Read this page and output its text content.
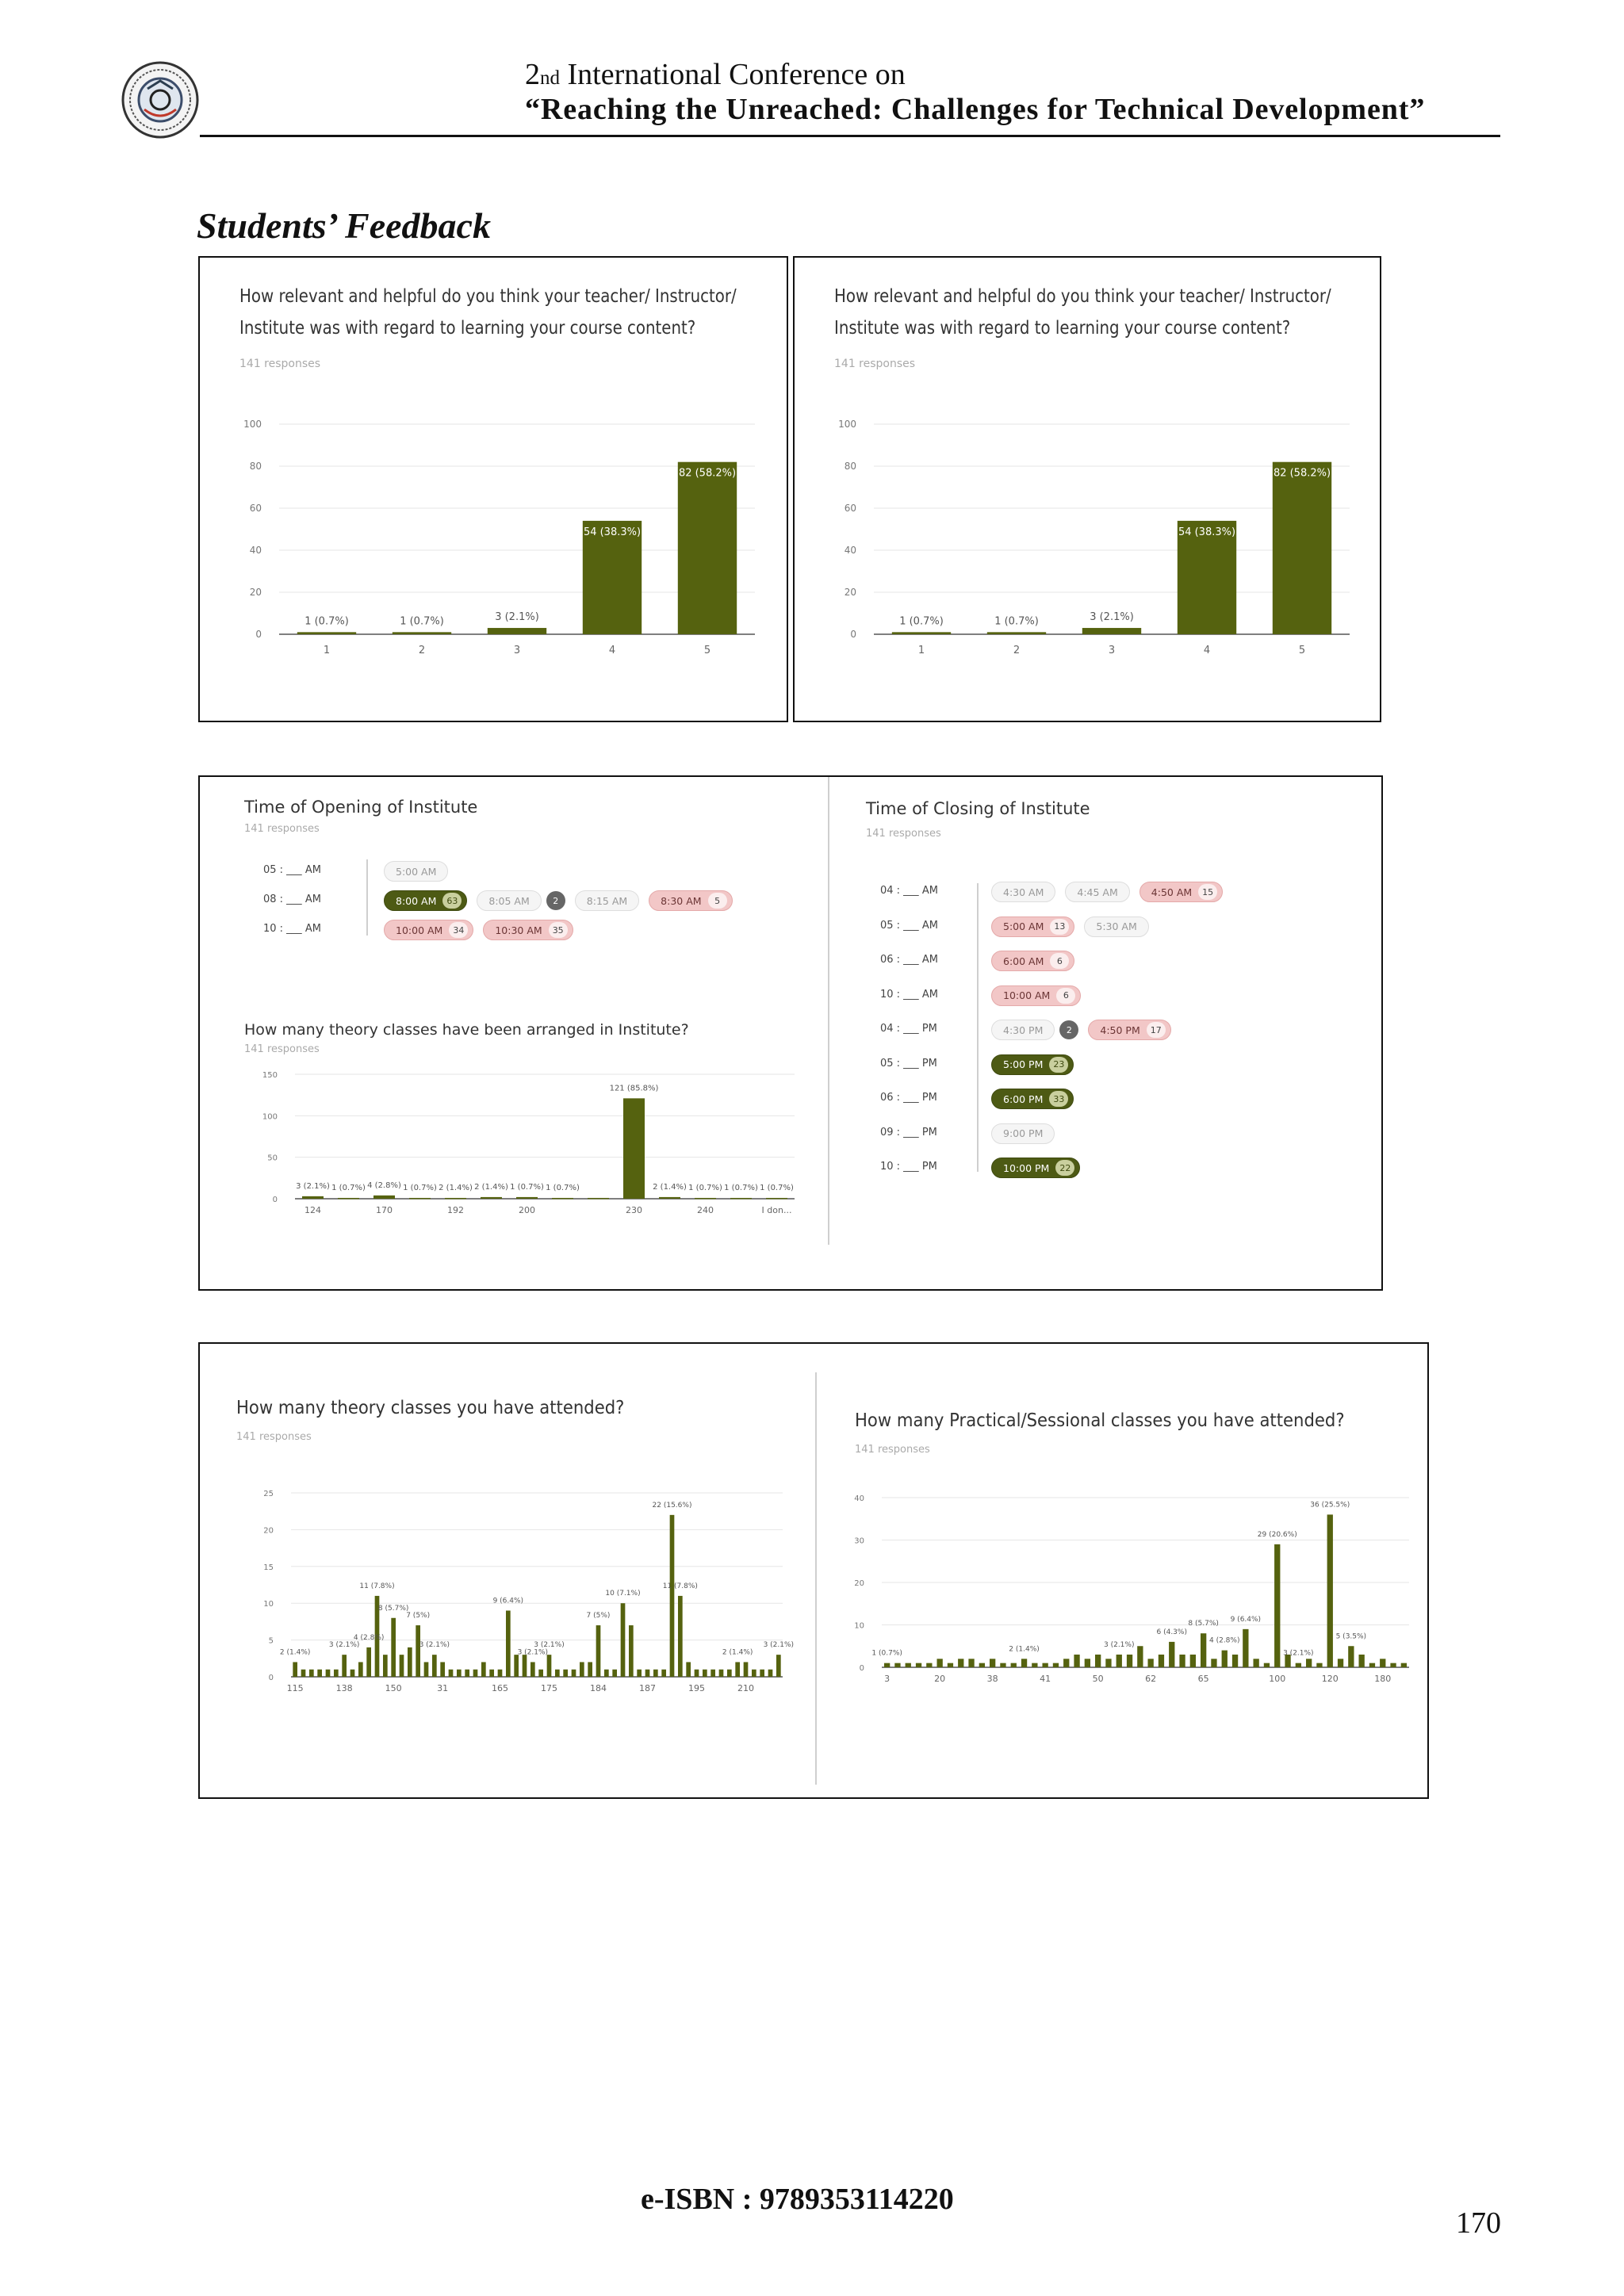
2nd International Conference on
“Reaching the Unreached: Challenges for Technical Development”
Students’ Feedback
How relevant and helpful do you think your teacher/ Instructor/
Institute was with regard to learning your course content?
141 responses
0
20
40
60
80
100
1	2	3	4	5
1 (0.7%)	1 (0.7%)	3 (2.1%)
54 (38.3%)
82 (58.2%)
How relevant and helpful do you think your teacher/ Instructor/
Institute was with regard to learning your course content?
141 responses
0
20
40
60
80
100
1	2	3	4	5
1 (0.7%)	1 (0.7%)	3 (2.1%)
54 (38.3%)
82 (58.2%)
Time of Opening of Institute
141 responses
05 : ___ AM	5:00 AM
08 : ___ AM	8:00 AM	63	8:05 AM	2	8:15 AM	8:30 AM	5
10 : ___ AM	10:00 AM	34	10:30 AM	35
How many theory classes have been arranged in Institute?
141 responses
0
50
100
150
124	170	192	200	230	240	I don...
3 (2.1%) 1 (0.7%) 4 (2.8%) 1 (0.7%) 2 (1.4%) 2 (1.4%) 1 (0.7%) 1 (0.7%)
121 (85.8%)
2 (1.4%) 1 (0.7%) 1 (0.7%) 1 (0.7%)
Time of Closing of Institute
141 responses
04 : ___ AM	4:30 AM	4:45 AM	4:50 AM	15
05 : ___ AM	5:00 AM	13	5:30 AM
06 : ___ AM	6:00 AM	6
10 : ___ AM	10:00 AM	6
04 : ___ PM	4:30 PM	2	4:50 PM	17
05 : ___ PM	5:00 PM	23
06 : ___ PM	6:00 PM	33
09 : ___ PM	9:00 PM
10 : ___ PM	10:00 PM	22
How many theory classes you have attended?
141 responses
0
5
10
15
20
25
115	138	150	31	165	175	184	187	195	210
2 (1.4%)
3 (2.1%)
11 (7.8%)
8 (5.7%)
7 (5%)
4 (2.8%)
3 (2.1%)
9 (6.4%)
3 (2.1%)
10 (7.1%)
7 (5%)
3 (2.1%)
22 (15.6%)
11 (7.8%)
3 (2.1%)
2 (1.4%)
How many Practical/Sessional classes you have attended?
141 responses
0
10
20
30
40
3	20	38	41	50	62	65	100	120	180
1 (0.7%)
2 (1.4%)
3 (2.1%)
6 (4.3%)
8 (5.7%)
9 (6.4%)
4 (2.8%)
29 (20.6%)
36 (25.5%)
5 (3.5%)
3 (2.1%)
e-ISBN : 9789353114220
170
